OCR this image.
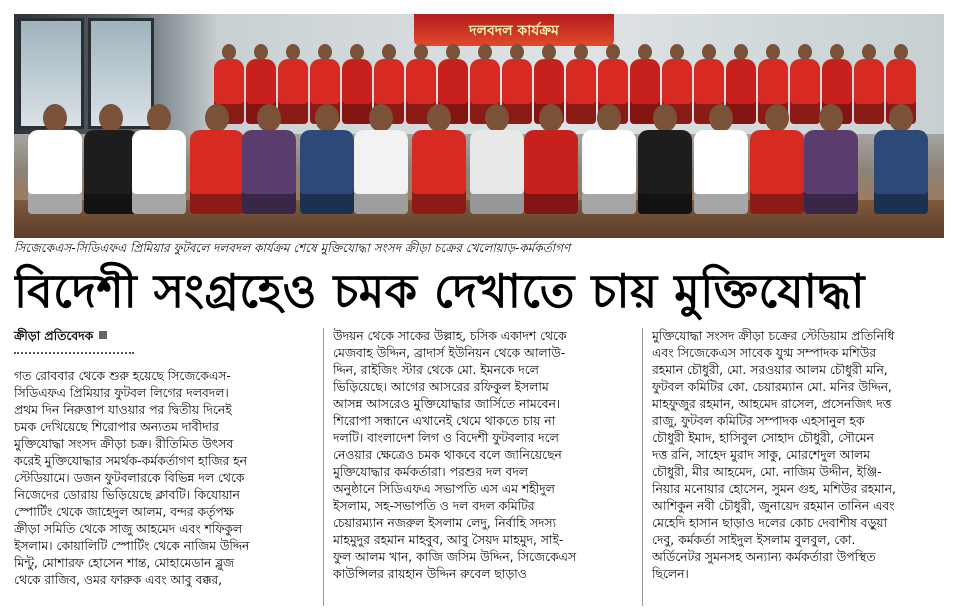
দলবদল কার্যক্রম
সিজেকেএস-সিডিএফএ প্রিমিয়ার ফুটবলে দলবদল কার্যক্রম শেষে মুক্তিযোদ্ধা সংসদ ক্রীড়া চক্রের খেলোয়াড়-কর্মকর্তাগণ
বিদেশী সংগ্রহেও চমক দেখাতে চায় মুক্তিযোদ্ধা
ক্রীড়া প্রতিবেদক
গত রোববার থেকে শুরু হয়েছে সিজেকেএস-
সিডিএফএ প্রিমিয়ার ফুটবল লিগের দলবদল।
প্রথম দিন নিরুত্তাপ যাওয়ার পর দ্বিতীয় দিনেই
চমক দেখিয়েছে শিরোপার অন্যতম দাবীদার
মুক্তিযোদ্ধা সংসদ ক্রীড়া চক্র। রীতিমিত উৎসব
করেই মুক্তিযোদ্ধার সমর্থক-কর্মকর্তাগণ হাজির হন
স্টেডিয়ামে। ডজন ফুটবলারকে বিভিন্ন দল থেকে
নিজেদের ডোরায় ভিড়িয়েছে ক্লাবটি। কিযোয়ান
স্পোর্টিং থেকে জাহেদুল আলম, বন্দর কর্তৃপক্ষ
ক্রীড়া সমিতি থেকে সাজু আহমেদ এবং শফিকুল
ইসলাম। কোয়ালিটি স্পোর্টিং থেকে নাজিম উদ্দিন
মিন্টু, মোশারফ হোসেন শান্ত, মোহামেডান ব্লুজ
থেকে রাজিব, ওমর ফারুক এবং আবু বক্কর,
উদয়ন থেকে সাকের উল্লাহ, চসিক একাদশ থেকে
মেজবাহ উদ্দিন, ব্রাদার্স ইউনিয়ন থেকে আলাউ-
দ্দিন, রাইজিং স্টার থেকে মো. ইমনকে দলে
ভিড়িয়েছে। আগের আসরের রফিকুল ইসলাম
আসন্ন আসরেও মুক্তিযোদ্ধার জার্সিতে নামবেন।
শিরোপা সন্ধানে এখানেই থেমে থাকতে চায় না
দলটি। বাংলাদেশ লিগ ও বিদেশী ফুটবলার দলে
নেওয়ার ক্ষেত্রেও চমক থাকবে বলে জানিয়েছেন
মুক্তিযোদ্ধার কর্মকর্তারা। পরশুর দল বদল
অনুষ্ঠানে সিডিএফএ সভাপতি এস এম শহীদুল
ইসলাম, সহ-সভাপতি ও দল বদল কমিটির
চেয়ারম্যান নজরুল ইসলাম লেদু, নির্বাহি সদস্য
মাহমুদুর রহমান মাহবুব, আবু সৈয়দ মাহমুদ, সাই-
ফুল আলম খান, কাজি জসিম উদ্দিন, সিজেকেএস
কাউন্সিলর রায়হান উদ্দিন রুবেল ছাড়াও
মুক্তিযোদ্ধা সংসদ ক্রীড়া চক্রের স্টেডিয়াম প্রতিনিধি
এবং সিজেকেএস সাবেক যুগ্ম সম্পাদক মশিউর
রহমান চৌধুরী, মো. সরওয়ার আলম চৌধুরী মনি,
ফুটবল কমিটির কো. চেয়ারম্যান মো. মনির উদ্দিন,
মাহফুজুর রহমান, আহমেদ রাসেল, প্রসেনজিৎ দত্ত
রাজু, ফুটবল কমিটির সম্পাদক এহসানুল হক
চৌধুরী ইমাদ, হাসিবুল সোহাদ চৌধুরী, সৌমেন
দত্ত রনি, সাহেদ মুরাদ সাকু, মোরশেদুল আলম
চৌধুরী, মীর আহমেদ, মো. নাজিম উদ্দীন, ইঞ্জি-
নিয়ার মনোয়ার হোসেন, সুমন গুহ, মশিউর রহমান,
আশিকুন নবী চৌধুরী, জুনায়েদ রহমান তানিন এবং
মেহেদি হাসান ছাড়াও দলের কোচ দেবাশীষ বড়ুয়া
দেবু, কর্মকর্তা সাইদুল ইসলাম বুলবুল, কো.
অর্ডিনেটর সুমনসহ অন্যান্য কর্মকর্তারা উপস্থিত
ছিলেন।
